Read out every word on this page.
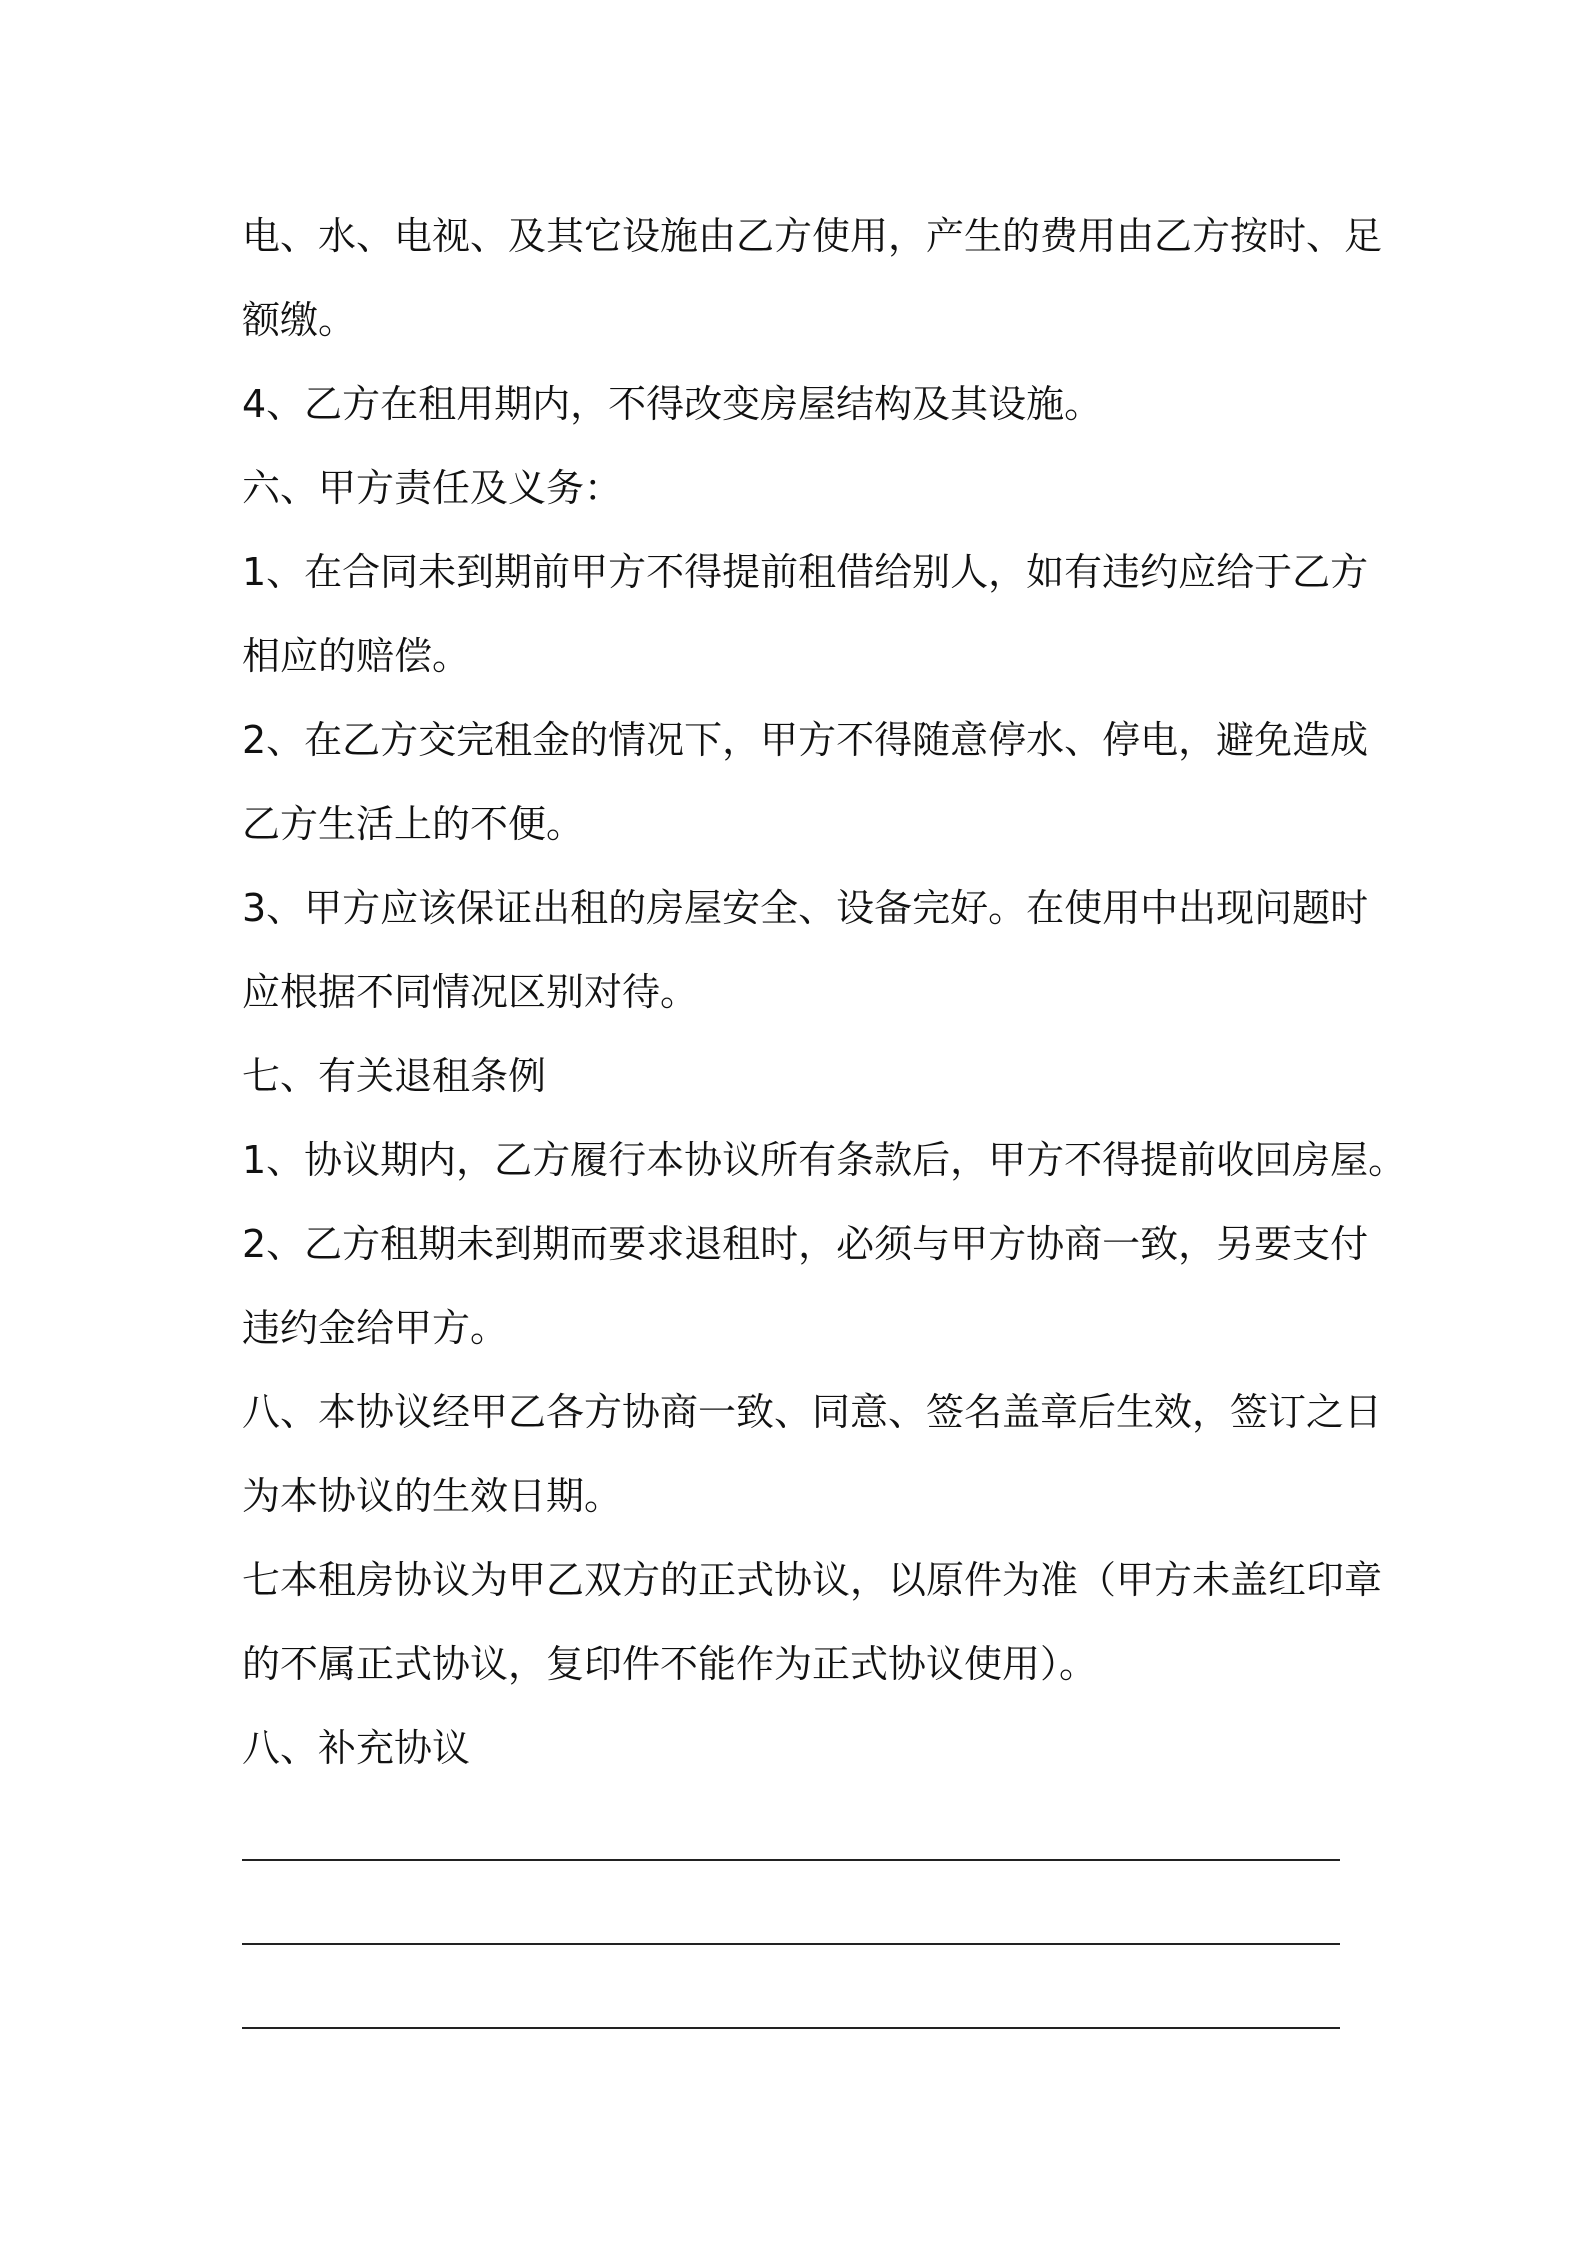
电、水、电视、及其它设施由乙方使用，产生的费用由乙方按时、足
额缴。
4、乙方在租用期内，不得改变房屋结构及其设施。
六、甲方责任及义务：
1、在合同未到期前甲方不得提前租借给别人，如有违约应给于乙方
相应的赔偿。
2、在乙方交完租金的情况下，甲方不得随意停水、停电，避免造成
乙方生活上的不便。
3、甲方应该保证出租的房屋安全、设备完好。在使用中出现问题时
应根据不同情况区别对待。
七、有关退租条例
1、协议期内，乙方履行本协议所有条款后，甲方不得提前收回房屋。
2、乙方租期未到期而要求退租时，必须与甲方协商一致，另要支付
违约金给甲方。
八、本协议经甲乙各方协商一致、同意、签名盖章后生效，签订之日
为本协议的生效日期。
七本租房协议为甲乙双方的正式协议，以原件为准（甲方未盖红印章
的不属正式协议，复印件不能作为正式协议使用）。
八、补充协议
